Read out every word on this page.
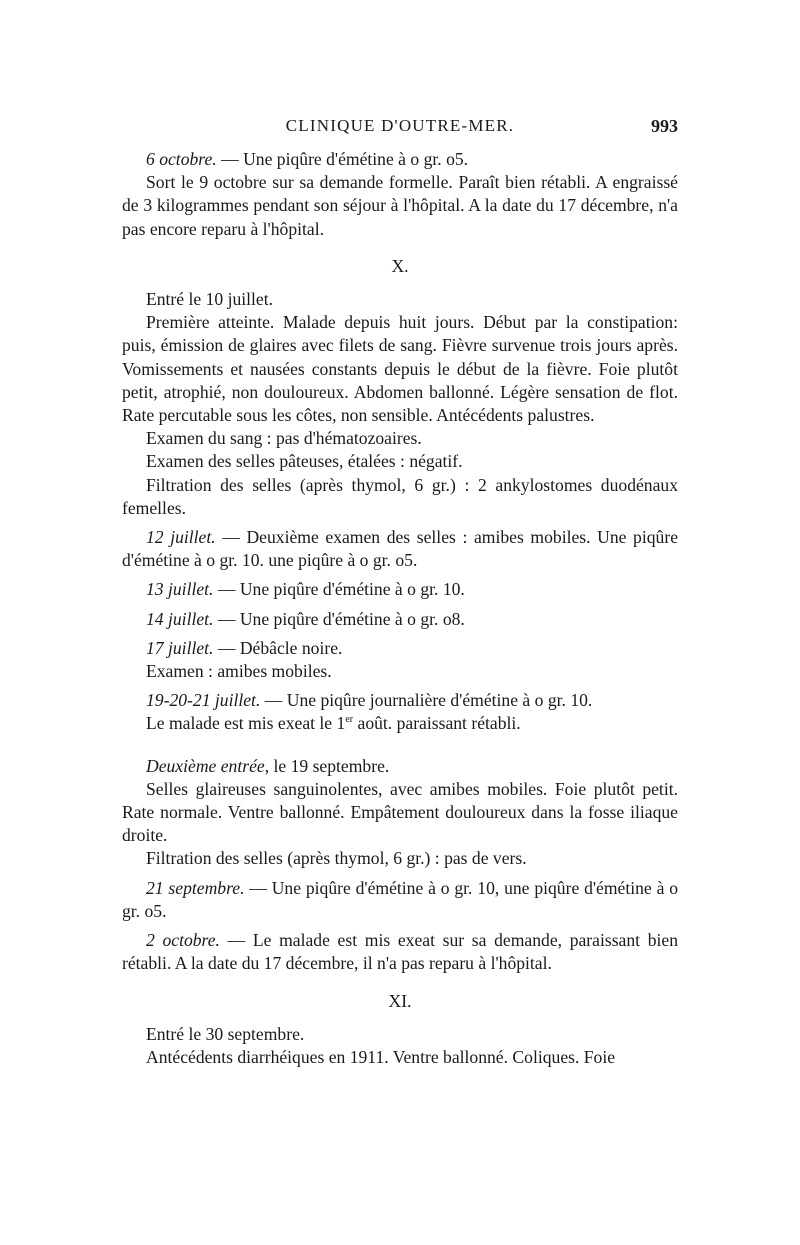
CLINIQUE D'OUTRE-MER.	993

6 octobre. — Une piqûre d'émétine à o gr. o5.

Sort le 9 octobre sur sa demande formelle. Paraît bien rétabli. A engraissé de 3 kilogrammes pendant son séjour à l'hôpital. A la date du 17 décembre, n'a pas encore reparu à l'hôpital.

X.

Entré le 10 juillet.

Première atteinte. Malade depuis huit jours. Début par la constipation: puis, émission de glaires avec filets de sang. Fièvre survenue trois jours après. Vomissements et nausées constants depuis le début de la fièvre. Foie plutôt petit, atrophié, non douloureux. Abdomen ballonné. Légère sensation de flot. Rate percutable sous les côtes, non sensible. Antécédents palustres.

Examen du sang : pas d'hématozoaires.

Examen des selles pâteuses, étalées : négatif.

Filtration des selles (après thymol, 6 gr.) : 2 ankylostomes duodénaux femelles.

12 juillet. — Deuxième examen des selles : amibes mobiles. Une piqûre d'émétine à o gr. 10. une piqûre à o gr. o5.

13 juillet. — Une piqûre d'émétine à o gr. 10.

14 juillet. — Une piqûre d'émétine à o gr. o8.

17 juillet. — Débâcle noire.

Examen : amibes mobiles.

19-20-21 juillet. — Une piqûre journalière d'émétine à o gr. 10.

Le malade est mis exeat le 1er août. paraissant rétabli.

Deuxième entrée, le 19 septembre.

Selles glaireuses sanguinolentes, avec amibes mobiles. Foie plutôt petit. Rate normale. Ventre ballonné. Empâtement douloureux dans la fosse iliaque droite.

Filtration des selles (après thymol, 6 gr.) : pas de vers.

21 septembre. — Une piqûre d'émétine à o gr. 10, une piqûre d'émétine à o gr. o5.

2 octobre. — Le malade est mis exeat sur sa demande, paraissant bien rétabli. A la date du 17 décembre, il n'a pas reparu à l'hôpital.

XI.

Entré le 30 septembre.

Antécédents diarrhéiques en 1911. Ventre ballonné. Coliques. Foie
